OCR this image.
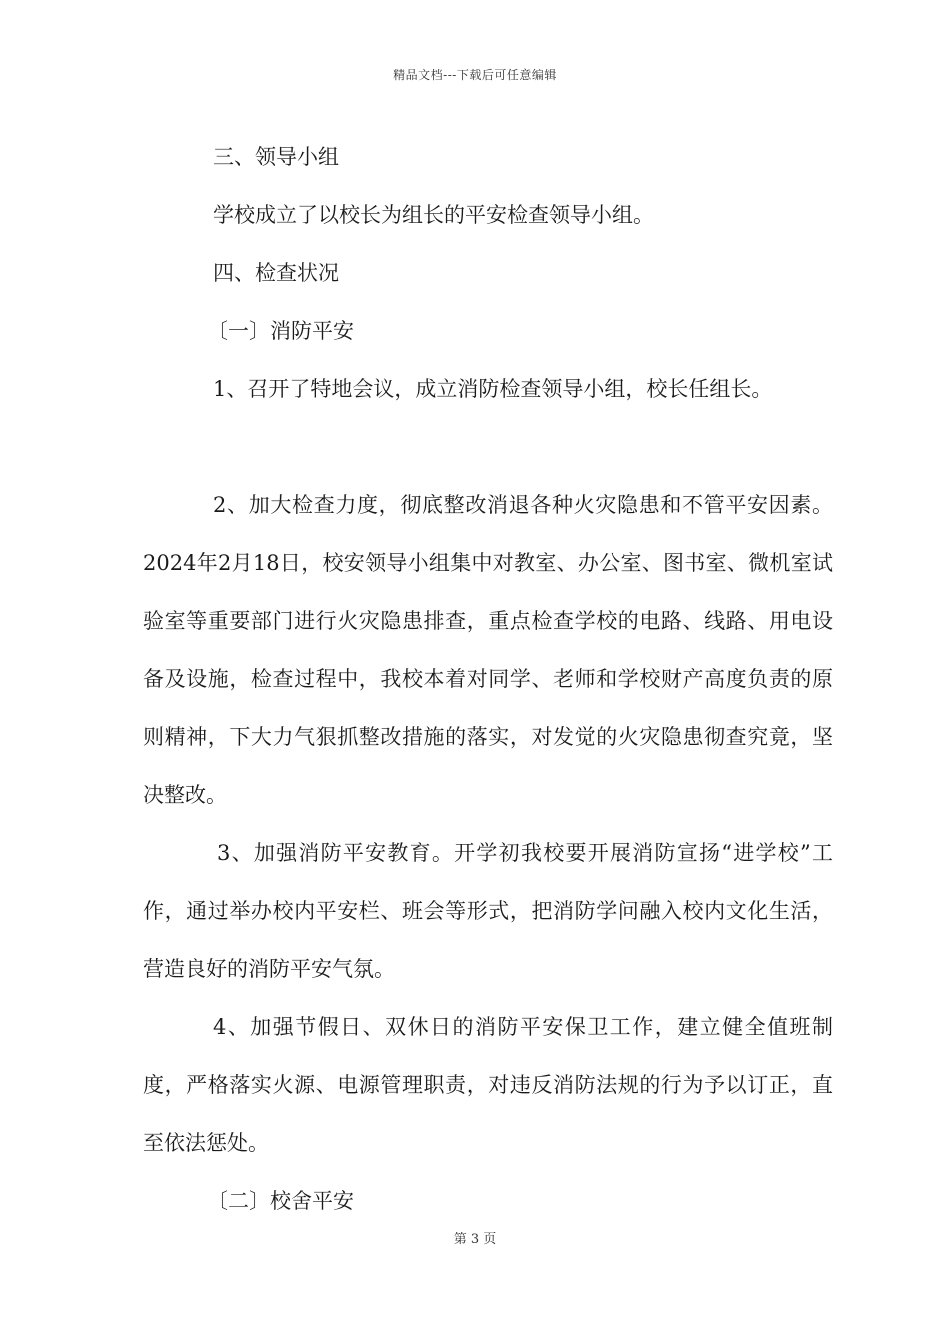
精品文档---下载后可任意编辑
三、领导小组
学校成立了以校长为组长的平安检查领导小组。
四、检查状况
〔一〕消防平安
1、召开了特地会议，成立消防检查领导小组，校长任组长。
2、加大检查力度，彻底整改消退各种火灾隐患和不管平安因素。2024年2月18日，校安领导小组集中对教室、办公室、图书室、微机室试验室等重要部门进行火灾隐患排查，重点检查学校的电路、线路、用电设备及设施，检查过程中，我校本着对同学、老师和学校财产高度负责的原则精神，下大力气狠抓整改措施的落实，对发觉的火灾隐患彻查究竟，坚决整改。
3、加强消防平安教育。开学初我校要开展消防宣扬“进学校”工作，通过举办校内平安栏、班会等形式，把消防学问融入校内文化生活，营造良好的消防平安气氛。
4、加强节假日、双休日的消防平安保卫工作，建立健全值班制度，严格落实火源、电源管理职责，对违反消防法规的行为予以订正，直至依法惩处。
〔二〕校舍平安
第 3 页
